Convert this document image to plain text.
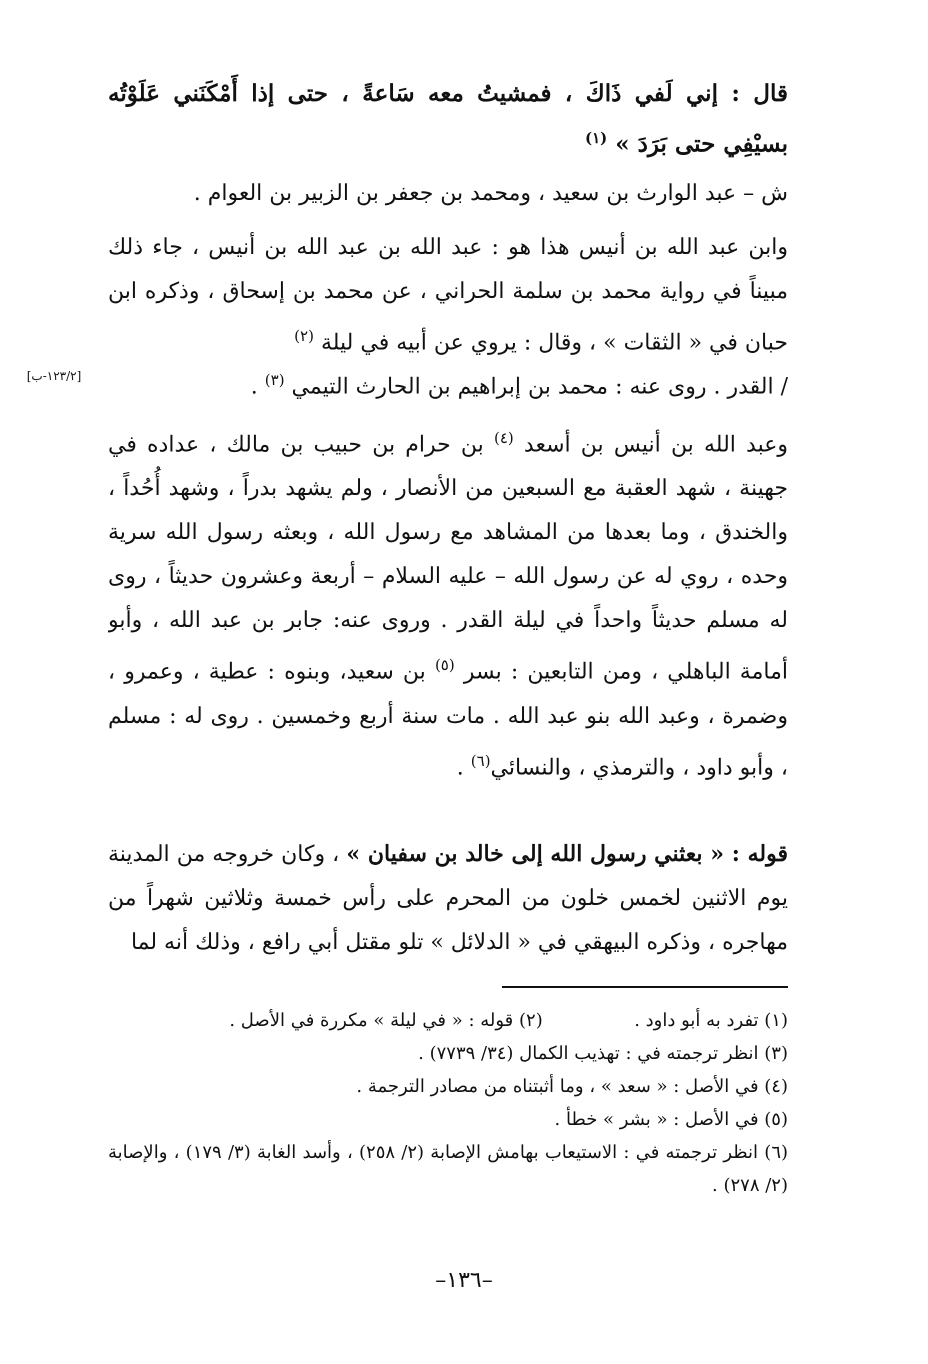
قال : إني لَفي ذَاكَ ، فمشيتُ معه سَاعةً ، حتى إذا أَمْكَنَني عَلَوْتُه بسيْفِي حتى بَرَدَ » $^{(١)}$
ش – عبد الوارث بن سعيد ، ومحمد بن جعفر بن الزبير بن العوام .
وابن عبد الله بن أنيس هذا هو : عبد الله بن عبد الله بن أنيس ، جاء ذلك مبيناً في رواية محمد بن سلمة الحراني ، عن محمد بن إسحاق ، وذكره ابن حبان في « الثقات » ، وقال : يروي عن أبيه في ليلة $^{(٢)}$
/ القدر . روى عنه : محمد بن إبراهيم بن الحارث التيمي $^{(٣)}$ .
[١٢٣/٢-ب]
وعبد الله بن أنيس بن أسعد $^{(٤)}$ بن حرام بن حبيب بن مالك ، عداده في جهينة ، شهد العقبة مع السبعين من الأنصار ، ولم يشهد بدراً ، وشهد أُحُداً ، والخندق ، وما بعدها من المشاهد مع رسول الله ، وبعثه رسول الله سرية وحده ، روي له عن رسول الله – عليه السلام – أربعة وعشرون حديثاً ، روى له مسلم حديثاً واحداً في ليلة القدر . وروى عنه: جابر بن عبد الله ، وأبو أمامة الباهلي ، ومن التابعين : بسر $^{(٥)}$ بن سعيد، وبنوه : عطية ، وعمرو ، وضمرة ، وعبد الله بنو عبد الله . مات سنة أربع وخمسين . روى له : مسلم ، وأبو داود ، والترمذي ، والنسائي$^{(٦)}$ .
قوله : « بعثني رسول الله إلى خالد بن سفيان » ، وكان خروجه من المدينة يوم الاثنين لخمس خلون من المحرم على رأس خمسة وثلاثين شهراً من مهاجره ، وذكره البيهقي في « الدلائل » تلو مقتل أبي رافع ، وذلك أنه لما
(١) تفرد به أبو داود .  (٢) قوله : « في ليلة » مكررة في الأصل .
(٣) انظر ترجمته في : تهذيب الكمال (٣٤/ ٧٧٣٩) .
(٤) في الأصل : « سعد » ، وما أثبتناه من مصادر الترجمة .
(٥) في الأصل : « بشر » خطأ .
(٦) انظر ترجمته في : الاستيعاب بهامش الإصابة (٢/ ٢٥٨) ، وأسد الغابة (٣/ ١٧٩) ، والإصابة (٢/ ٢٧٨) .
–١٣٦–
